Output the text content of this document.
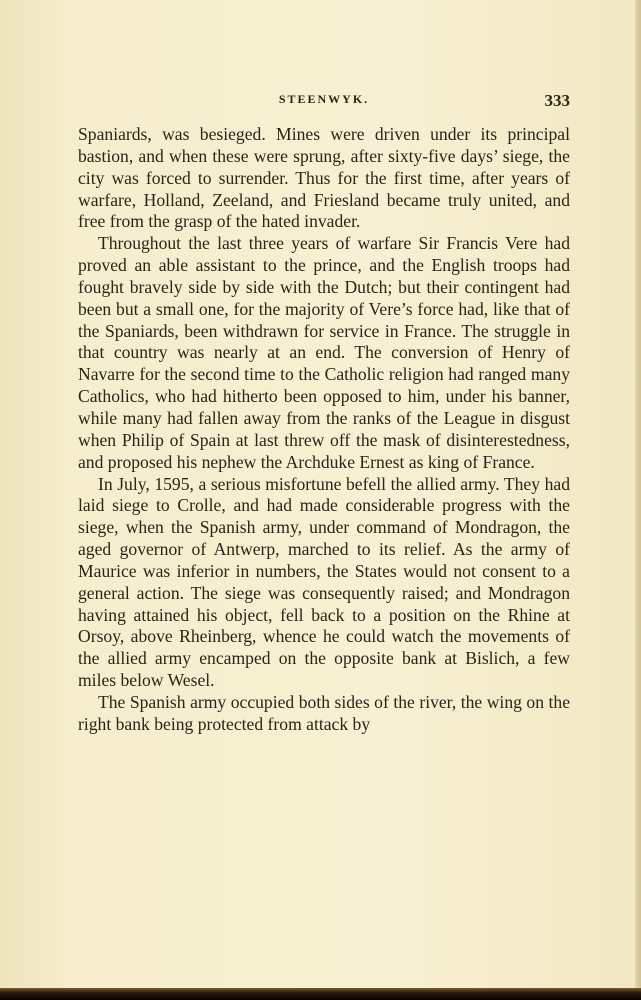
STEENWYK.	333

Spaniards, was besieged. Mines were driven under its principal bastion, and when these were sprung, after sixty-five days’ siege, the city was forced to surrender. Thus for the first time, after years of warfare, Holland, Zeeland, and Friesland became truly united, and free from the grasp of the hated invader.

Throughout the last three years of warfare Sir Francis Vere had proved an able assistant to the prince, and the English troops had fought bravely side by side with the Dutch; but their contingent had been but a small one, for the majority of Vere’s force had, like that of the Spaniards, been withdrawn for service in France. The struggle in that country was nearly at an end. The conversion of Henry of Navarre for the second time to the Catholic religion had ranged many Catholics, who had hitherto been opposed to him, under his banner, while many had fallen away from the ranks of the League in disgust when Philip of Spain at last threw off the mask of disinterestedness, and proposed his nephew the Archduke Ernest as king of France.

In July, 1595, a serious misfortune befell the allied army. They had laid siege to Crolle, and had made considerable progress with the siege, when the Spanish army, under command of Mondragon, the aged governor of Antwerp, marched to its relief. As the army of Maurice was inferior in numbers, the States would not consent to a general action. The siege was consequently raised; and Mondragon having attained his object, fell back to a position on the Rhine at Orsoy, above Rheinberg, whence he could watch the movements of the allied army encamped on the opposite bank at Bislich, a few miles below Wesel.

The Spanish army occupied both sides of the river, the wing on the right bank being protected from attack by
